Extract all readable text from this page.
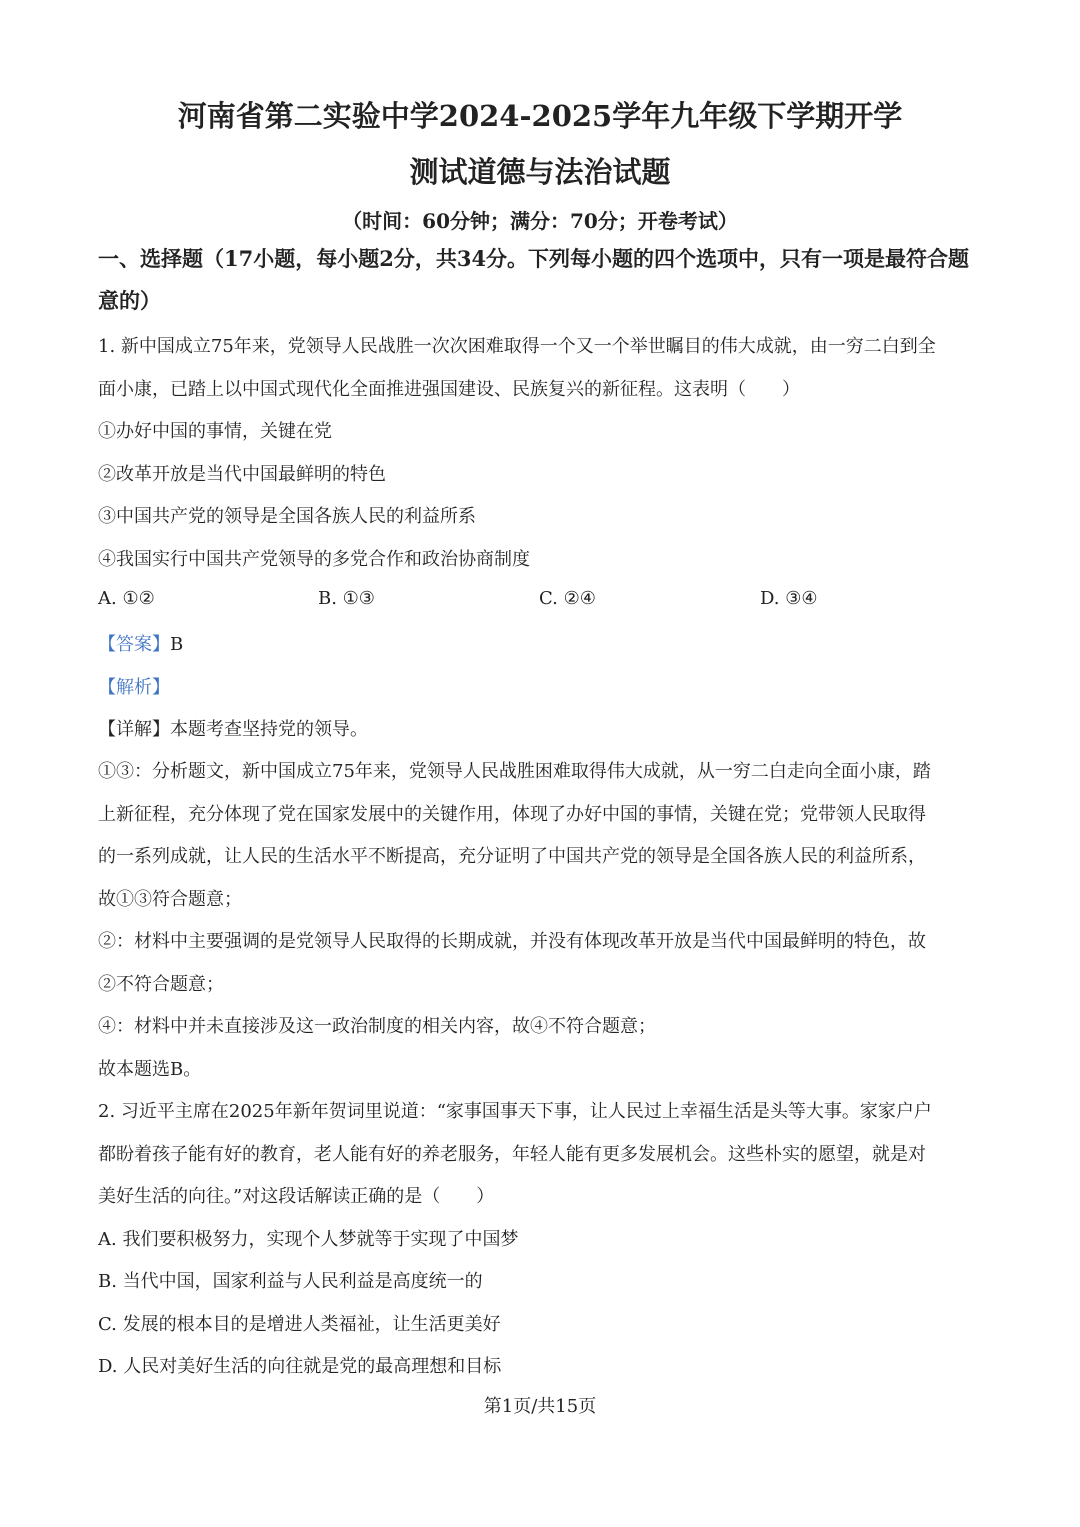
河南省第二实验中学2024-2025学年九年级下学期开学
测试道德与法治试题
（时间：60分钟；满分：70分；开卷考试）
一、选择题（17小题，每小题2分，共34分。下列每小题的四个选项中，只有一项是最符合题意的）
1. 新中国成立75年来，党领导人民战胜一次次困难取得一个又一个举世瞩目的伟大成就，由一穷二白到全
面小康，已踏上以中国式现代化全面推进强国建设、民族复兴的新征程。这表明（　　）
①办好中国的事情，关键在党
②改革开放是当代中国最鲜明的特色
③中国共产党的领导是全国各族人民的利益所系
④我国实行中国共产党领导的多党合作和政治协商制度
A. ①②	B. ①③	C. ②④	D. ③④
【答案】B
【解析】
【详解】本题考查坚持党的领导。
①③：分析题文，新中国成立75年来，党领导人民战胜困难取得伟大成就，从一穷二白走向全面小康，踏
上新征程，充分体现了党在国家发展中的关键作用，体现了办好中国的事情，关键在党；党带领人民取得
的一系列成就，让人民的生活水平不断提高，充分证明了中国共产党的领导是全国各族人民的利益所系，
故①③符合题意；
②：材料中主要强调的是党领导人民取得的长期成就，并没有体现改革开放是当代中国最鲜明的特色，故
②不符合题意；
④：材料中并未直接涉及这一政治制度的相关内容，故④不符合题意；
故本题选B。
2. 习近平主席在2025年新年贺词里说道：“家事国事天下事，让人民过上幸福生活是头等大事。家家户户
都盼着孩子能有好的教育，老人能有好的养老服务，年轻人能有更多发展机会。这些朴实的愿望，就是对
美好生活的向往。”对这段话解读正确的是（　　）
A. 我们要积极努力，实现个人梦就等于实现了中国梦
B. 当代中国，国家利益与人民利益是高度统一的
C. 发展的根本目的是增进人类福祉，让生活更美好
D. 人民对美好生活的向往就是党的最高理想和目标
第1页/共15页
